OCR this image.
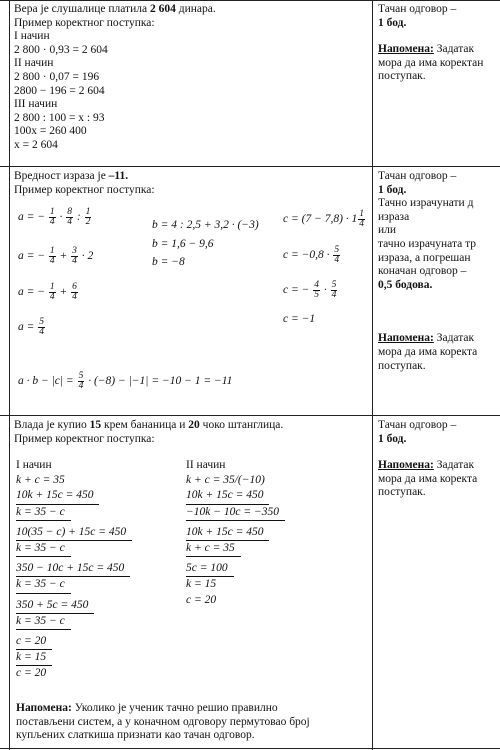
Вера је слушалице платила 2 604 динара.
Пример коректног поступка:
I начин
2 800 · 0,93 = 2 604
II начин
2 800 · 0,07 = 196
2800 − 196 = 2 604
III начин
2 800 : 100 = x : 93
100x = 260 400
x = 2 604
Тачан одговор –
1 бод.
Напомена: Задатак
мора да има коректан
поступак.
Вредност израза је –11.
Пример коректног поступка:
a = − $\frac{1}{4} \cdot \frac{8}{4}$ : $\frac{1}{2}$
a = − $\frac{1}{4} + \frac{3}{4} \cdot 2$
a = − $\frac{1}{4} + \frac{6}{4}$
$a = \frac{5}{4}$
b = 4 : 2,5 + 3,2 · (−3)
b = 1,6 − 9,6
b = −8
$c = (7 - 7,8) \cdot 1 \frac{1}{4}$
$c = -0,8 \cdot \frac{5}{4}$
c = − $\frac{4}{5} \cdot \frac{5}{4}$
c = −1
$a \cdot b - |c| = \frac{5}{4} \cdot (-8) - |-1| = -10 - 1 = -11$
Тачан одговор –
1 бод.
Тачно израчунати д
израза
или
тачно израчуната тр
израза, а погрешан
коначан одговор –
0,5 бодова.
Напомена: Задатак
мора да има коректа
поступак.
Влада је купио 15 крем бананица и 20 чоко штанглица.
Пример коректног поступка:
I начин
k + c = 35
10k + 15c = 450
k = 35 − c
10(35 − c) + 15c = 450
k = 35 − c
350 − 10c + 15c = 450
k = 35 − c
350 + 5c = 450
k = 35 − c
c = 20
k = 15
c = 20
II начин
k + c = 35/(−10)
10k + 15c = 450
−10k − 10c = −350
10k + 15c = 450
k + c = 35
5c = 100
k = 15
c = 20
Напомена: Уколико је ученик тачно решио правилно
постављени систем, а у коначном одговору пермутовао број
купљених слаткиша признати као тачан одговор.
Тачан одговор –
1 бод.
Напомена: Задатак
мора да има коректа
поступак.
